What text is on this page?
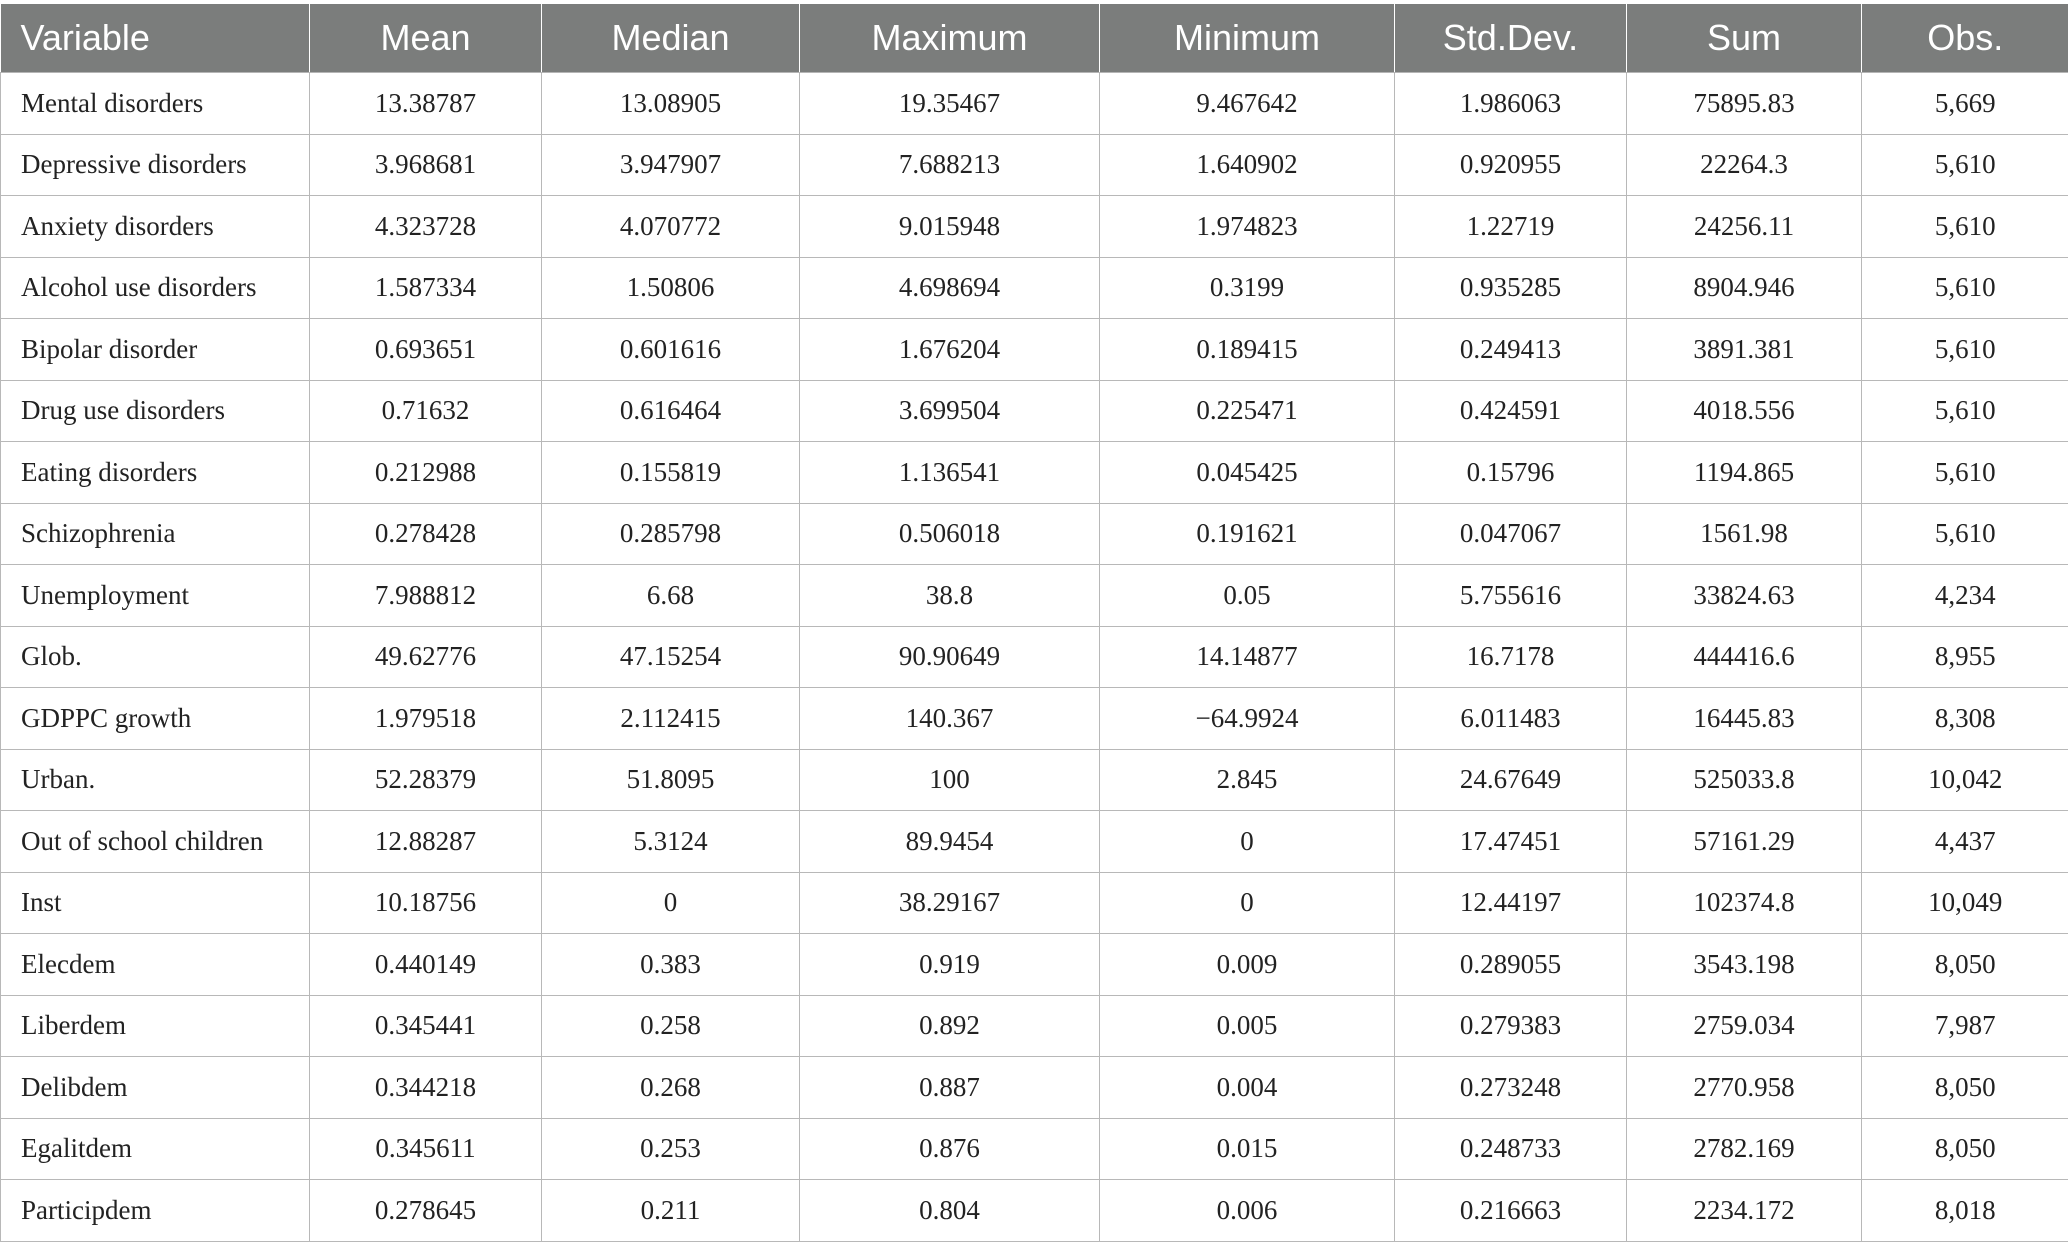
Variable	Mean	Median	Maximum	Minimum	Std.Dev.	Sum	Obs.
Mental disorders	13.38787	13.08905	19.35467	9.467642	1.986063	75895.83	5,669
Depressive disorders	3.968681	3.947907	7.688213	1.640902	0.920955	22264.3	5,610
Anxiety disorders	4.323728	4.070772	9.015948	1.974823	1.22719	24256.11	5,610
Alcohol use disorders	1.587334	1.50806	4.698694	0.3199	0.935285	8904.946	5,610
Bipolar disorder	0.693651	0.601616	1.676204	0.189415	0.249413	3891.381	5,610
Drug use disorders	0.71632	0.616464	3.699504	0.225471	0.424591	4018.556	5,610
Eating disorders	0.212988	0.155819	1.136541	0.045425	0.15796	1194.865	5,610
Schizophrenia	0.278428	0.285798	0.506018	0.191621	0.047067	1561.98	5,610
Unemployment	7.988812	6.68	38.8	0.05	5.755616	33824.63	4,234
Glob.	49.62776	47.15254	90.90649	14.14877	16.7178	444416.6	8,955
GDPPC growth	1.979518	2.112415	140.367	−64.9924	6.011483	16445.83	8,308
Urban.	52.28379	51.8095	100	2.845	24.67649	525033.8	10,042
Out of school children	12.88287	5.3124	89.9454	0	17.47451	57161.29	4,437
Inst	10.18756	0	38.29167	0	12.44197	102374.8	10,049
Elecdem	0.440149	0.383	0.919	0.009	0.289055	3543.198	8,050
Liberdem	0.345441	0.258	0.892	0.005	0.279383	2759.034	7,987
Delibdem	0.344218	0.268	0.887	0.004	0.273248	2770.958	8,050
Egalitdem	0.345611	0.253	0.876	0.015	0.248733	2782.169	8,050
Participdem	0.278645	0.211	0.804	0.006	0.216663	2234.172	8,018
